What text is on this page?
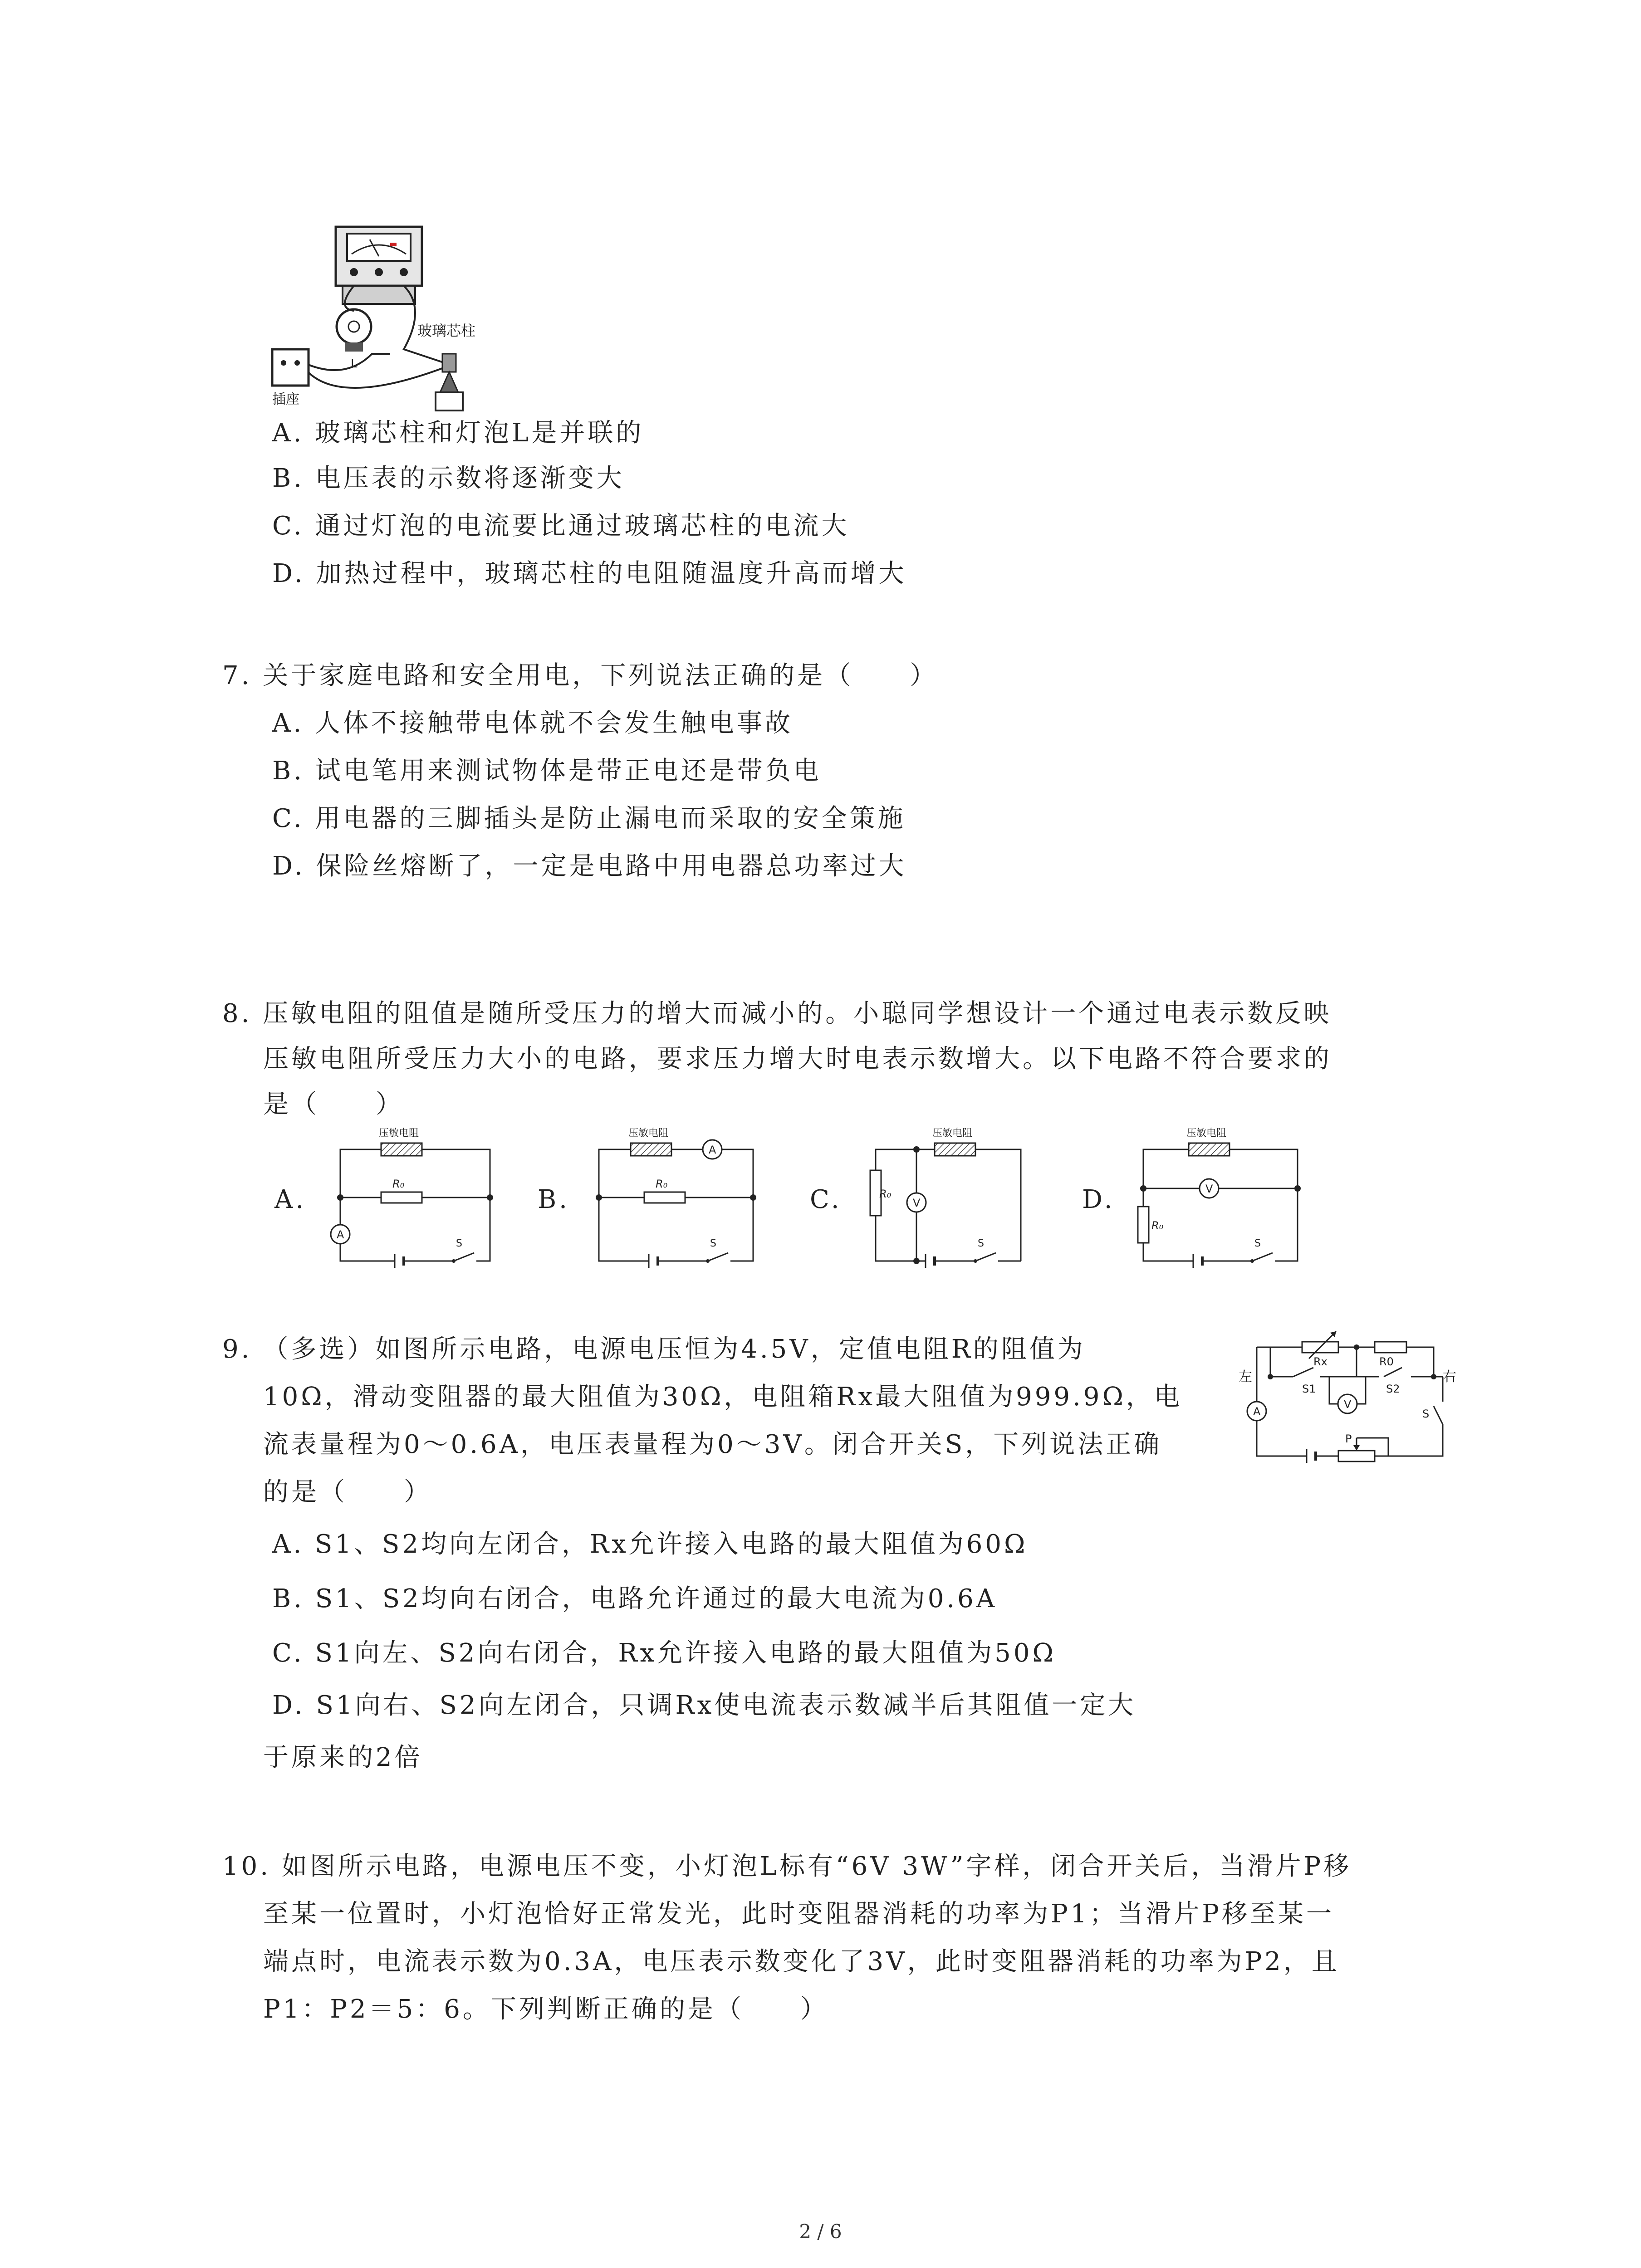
L
插座
玻璃芯柱
A. 玻璃芯柱和灯泡L是并联的
B. 电压表的示数将逐渐变大
C. 通过灯泡的电流要比通过玻璃芯柱的电流大
D. 加热过程中，玻璃芯柱的电阻随温度升高而增大
7. 关于家庭电路和安全用电，下列说法正确的是（　　）
A. 人体不接触带电体就不会发生触电事故
B. 试电笔用来测试物体是带正电还是带负电
C. 用电器的三脚插头是防止漏电而采取的安全策施
D. 保险丝熔断了，一定是电路中用电器总功率过大
8. 压敏电阻的阻值是随所受压力的增大而减小的。小聪同学想设计一个通过电表示数反映
压敏电阻所受压力大小的电路，要求压力增大时电表示数增大。以下电路不符合要求的
是（　　）
A.
压敏电阻
R₀
A
S
B.
压敏电阻
A
R₀
S
C.
压敏电阻
V
R₀
S
D.
压敏电阻
V
R₀
S
9. （多选）如图所示电路，电源电压恒为4.5V，定值电阻R的阻值为
10Ω，滑动变阻器的最大阻值为30Ω，电阻箱Rx最大阻值为999.9Ω，电
流表量程为0～0.6A，电压表量程为0～3V。闭合开关S，下列说法正确
的是（　　）
A. S1、S2均向左闭合，Rx允许接入电路的最大阻值为60Ω
B. S1、S2均向右闭合，电路允许通过的最大电流为0.6A
C. S1向左、S2向右闭合，Rx允许接入电路的最大阻值为50Ω
D. S1向右、S2向左闭合，只调Rx使电流表示数减半后其阻值一定大
于原来的2倍
Rx	R0
左	右
S1	S2
V
A
P
S
10. 如图所示电路，电源电压不变，小灯泡L标有“6V 3W”字样，闭合开关后，当滑片P移
至某一位置时，小灯泡恰好正常发光，此时变阻器消耗的功率为P1；当滑片P移至某一
端点时，电流表示数为0.3A，电压表示数变化了3V，此时变阻器消耗的功率为P2，且
P1：P2＝5：6。下列判断正确的是（　　）
2 / 6
